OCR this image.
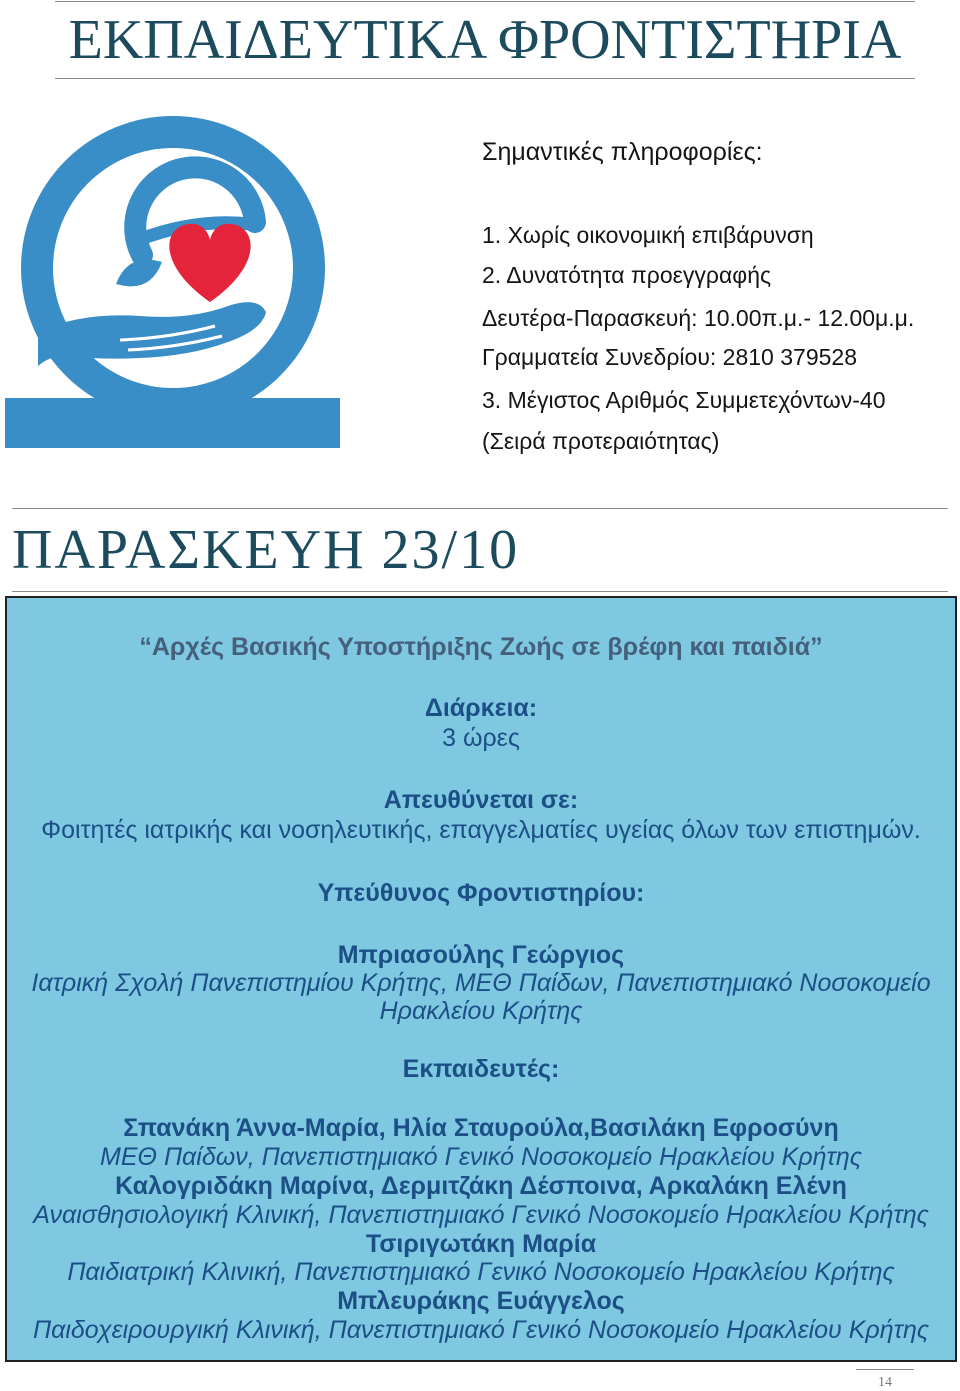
ΕΚΠΑΙΔΕΥΤΙΚΑ ΦΡΟΝΤΙΣΤΗΡΙΑ
Σημαντικές πληροφορίες:
1. Χωρίς οικονομική επιβάρυνση
2. Δυνατότητα προεγγραφής
Δευτέρα-Παρασκευή: 10.00π.μ.- 12.00μ.μ.
Γραμματεία Συνεδρίου: 2810 379528
3. Μέγιστος Αριθμός Συμμετεχόντων-40
(Σειρά προτεραιότητας)
ΠΑΡΑΣΚΕΥΗ 23/10
“Αρχές Βασικής Υποστήριξης Ζωής σε βρέφη και παιδιά”
Διάρκεια:
3 ώρες
Απευθύνεται σε:
Φοιτητές ιατρικής και νοσηλευτικής, επαγγελματίες υγείας όλων των επιστημών.
Υπεύθυνος Φροντιστηρίου:
Μπριασούλης Γεώργιος
Ιατρική Σχολή Πανεπιστημίου Κρήτης, ΜΕΘ Παίδων, Πανεπιστημιακό Νοσοκομείο
Ηρακλείου Κρήτης
Εκπαιδευτές:
Σπανάκη Άννα-Μαρία, Ηλία Σταυρούλα,Βασιλάκη Εφροσύνη
ΜΕΘ Παίδων, Πανεπιστημιακό Γενικό Νοσοκομείο Ηρακλείου Κρήτης
Καλογριδάκη Μαρίνα, Δερμιτζάκη Δέσποινα, Αρκαλάκη Ελένη
Αναισθησιολογική Κλινική, Πανεπιστημιακό Γενικό Νοσοκομείο Ηρακλείου Κρήτης
Τσιριγωτάκη Μαρία
Παιδιατρική Κλινική, Πανεπιστημιακό Γενικό Νοσοκομείο Ηρακλείου Κρήτης
Μπλευράκης Ευάγγελος
Παιδοχειρουργική Κλινική, Πανεπιστημιακό Γενικό Νοσοκομείο Ηρακλείου Κρήτης
14
